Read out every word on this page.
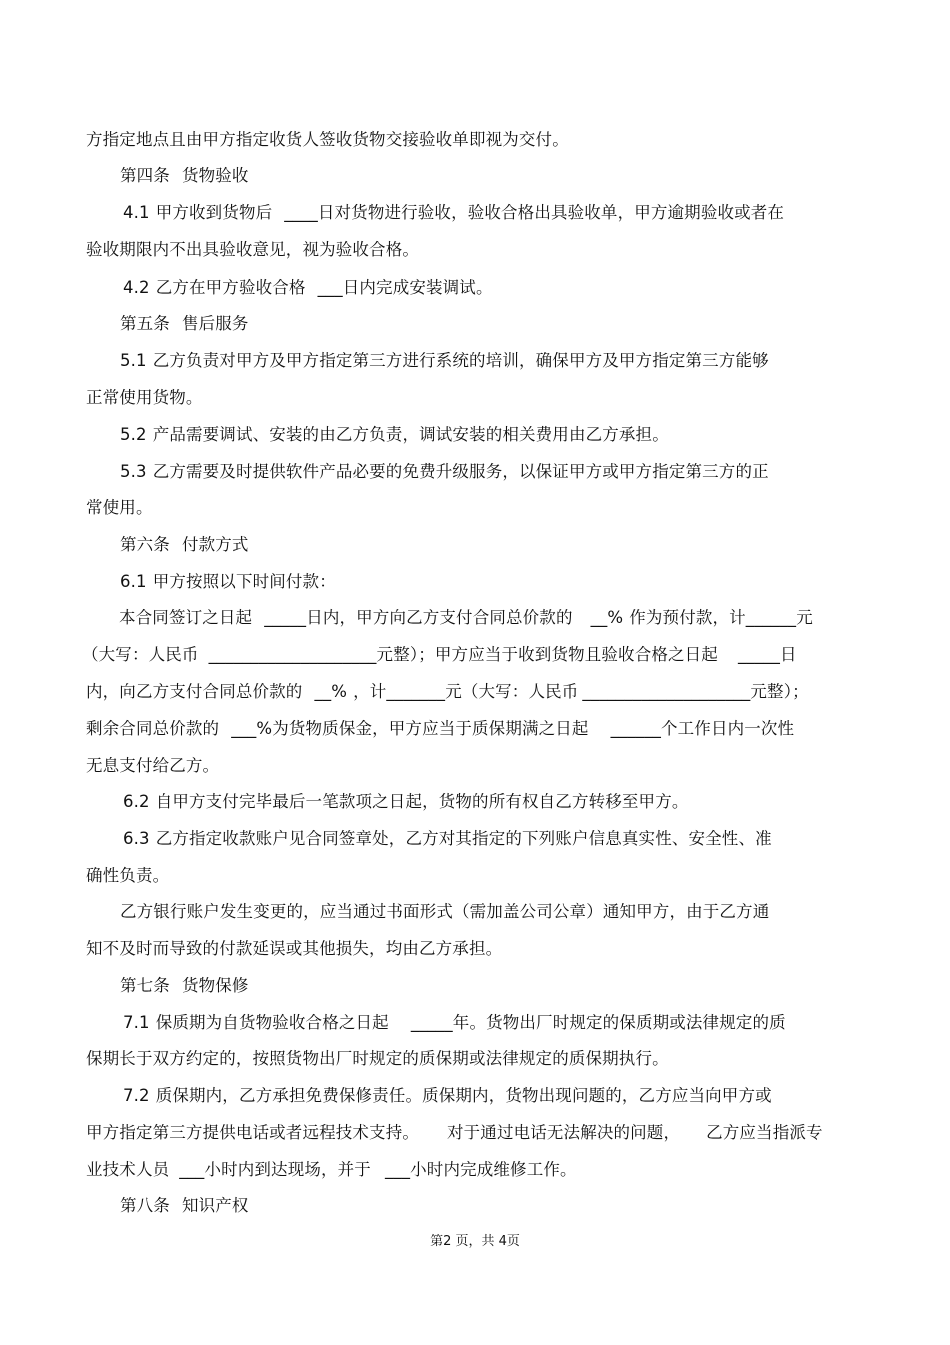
方指定地点且由甲方指定收货人签收货物交接验收单即视为交付。
第四条 货物验收
4.1 甲方收到货物后 ____日对货物进行验收，验收合格出具验收单，甲方逾期验收或者在
验收期限内不出具验收意见，视为验收合格。
4.2 乙方在甲方验收合格 ___日内完成安装调试。
第五条 售后服务
5.1 乙方负责对甲方及甲方指定第三方进行系统的培训，确保甲方及甲方指定第三方能够
正常使用货物。
5.2 产品需要调试、安装的由乙方负责，调试安装的相关费用由乙方承担。
5.3 乙方需要及时提供软件产品必要的免费升级服务，以保证甲方或甲方指定第三方的正
常使用。
第六条 付款方式
6.1 甲方按照以下时间付款：
本合同签订之日起 _____日内，甲方向乙方支付合同总价款的 __% 作为预付款，计______元
（大写：人民币 ____________________元整）；甲方应当于收到货物且验收合格之日起 _____日
内，向乙方支付合同总价款的 __% ，计_______元（大写：人民币 ____________________元整）；
剩余合同总价款的 ___%为货物质保金，甲方应当于质保期满之日起 ______个工作日内一次性
无息支付给乙方。
6.2 自甲方支付完毕最后一笔款项之日起，货物的所有权自乙方转移至甲方。
6.3 乙方指定收款账户见合同签章处，乙方对其指定的下列账户信息真实性、安全性、准
确性负责。
乙方银行账户发生变更的，应当通过书面形式（需加盖公司公章）通知甲方，由于乙方通
知不及时而导致的付款延误或其他损失，均由乙方承担。
第七条 货物保修
7.1 保质期为自货物验收合格之日起 _____年。货物出厂时规定的保质期或法律规定的质
保期长于双方约定的，按照货物出厂时规定的质保期或法律规定的质保期执行。
7.2 质保期内，乙方承担免费保修责任。质保期内，货物出现问题的，乙方应当向甲方或
甲方指定第三方提供电话或者远程技术支持。 对于通过电话无法解决的问题， 乙方应当指派专
业技术人员 ___小时内到达现场，并于 ___小时内完成维修工作。
第八条 知识产权
第2 页，共 4页
